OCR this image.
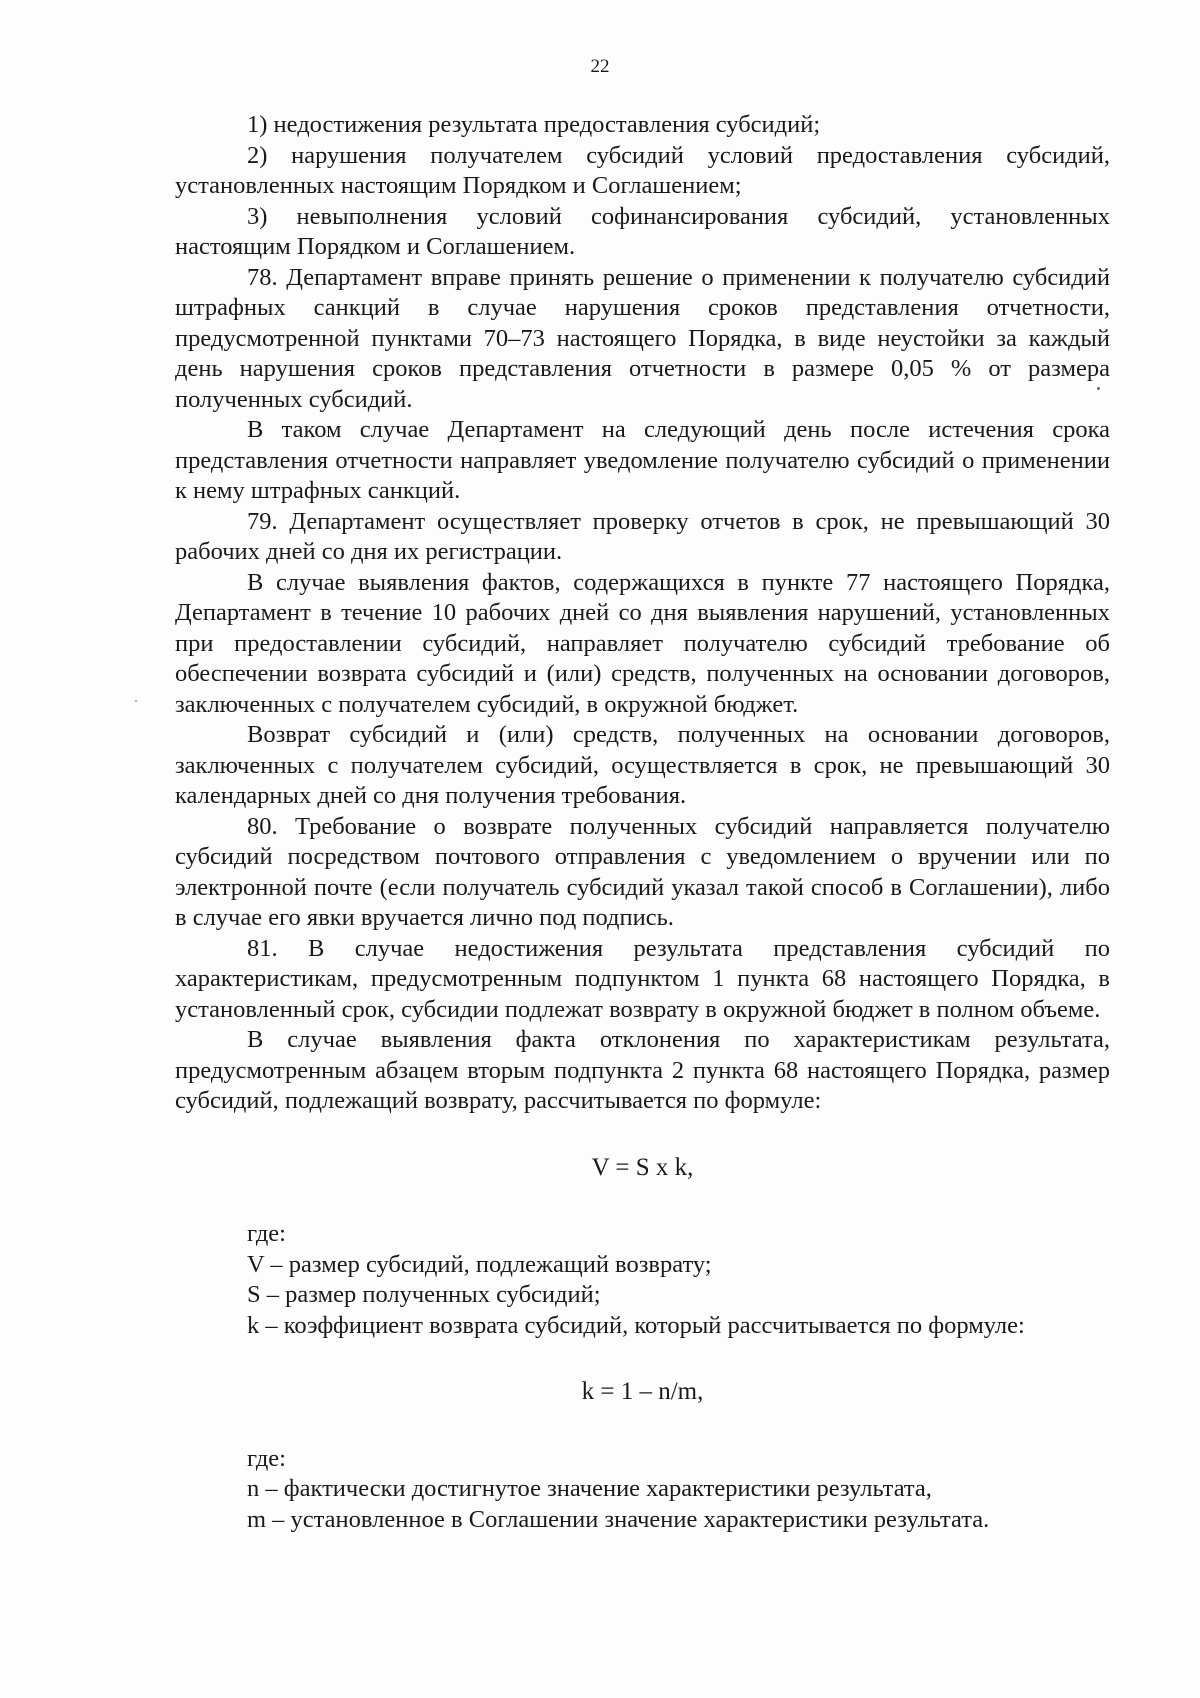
22

1) недостижения результата предоставления субсидий;

2) нарушения получателем субсидий условий предоставления субсидий, установленных настоящим Порядком и Соглашением;

3) невыполнения условий софинансирования субсидий, установленных настоящим Порядком и Соглашением.

78. Департамент вправе принять решение о применении к получателю субсидий штрафных санкций в случае нарушения сроков представления отчетности, предусмотренной пунктами 70–73 настоящего Порядка, в виде неустойки за каждый день нарушения сроков представления отчетности в размере 0,05 % от размера полученных субсидий.

В таком случае Департамент на следующий день после истечения срока представления отчетности направляет уведомление получателю субсидий о применении к нему штрафных санкций.

79. Департамент осуществляет проверку отчетов в срок, не превышающий 30 рабочих дней со дня их регистрации.

В случае выявления фактов, содержащихся в пункте 77 настоящего Порядка, Департамент в течение 10 рабочих дней со дня выявления нарушений, установленных при предоставлении субсидий, направляет получателю субсидий требование об обеспечении возврата субсидий и (или) средств, полученных на основании договоров, заключенных с получателем субсидий, в окружной бюджет.

Возврат субсидий и (или) средств, полученных на основании договоров, заключенных с получателем субсидий, осуществляется в срок, не превышающий 30 календарных дней со дня получения требования.

80. Требование о возврате полученных субсидий направляется получателю субсидий посредством почтового отправления с уведомлением о вручении или по электронной почте (если получатель субсидий указал такой способ в Соглашении), либо в случае его явки вручается лично под подпись.

81. В случае недостижения результата представления субсидий по характеристикам, предусмотренным подпунктом 1 пункта 68 настоящего Порядка, в установленный срок, субсидии подлежат возврату в окружной бюджет в полном объеме.

В случае выявления факта отклонения по характеристикам результата, предусмотренным абзацем вторым подпункта 2 пункта 68 настоящего Порядка, размер субсидий, подлежащий возврату, рассчитывается по формуле:

V = S x k,

где:

V – размер субсидий, подлежащий возврату;

S – размер полученных субсидий;

k – коэффициент возврата субсидий, который рассчитывается по формуле:

k = 1 – n/m,

где:

n – фактически достигнутое значение характеристики результата,

m – установленное в Соглашении значение характеристики результата.
